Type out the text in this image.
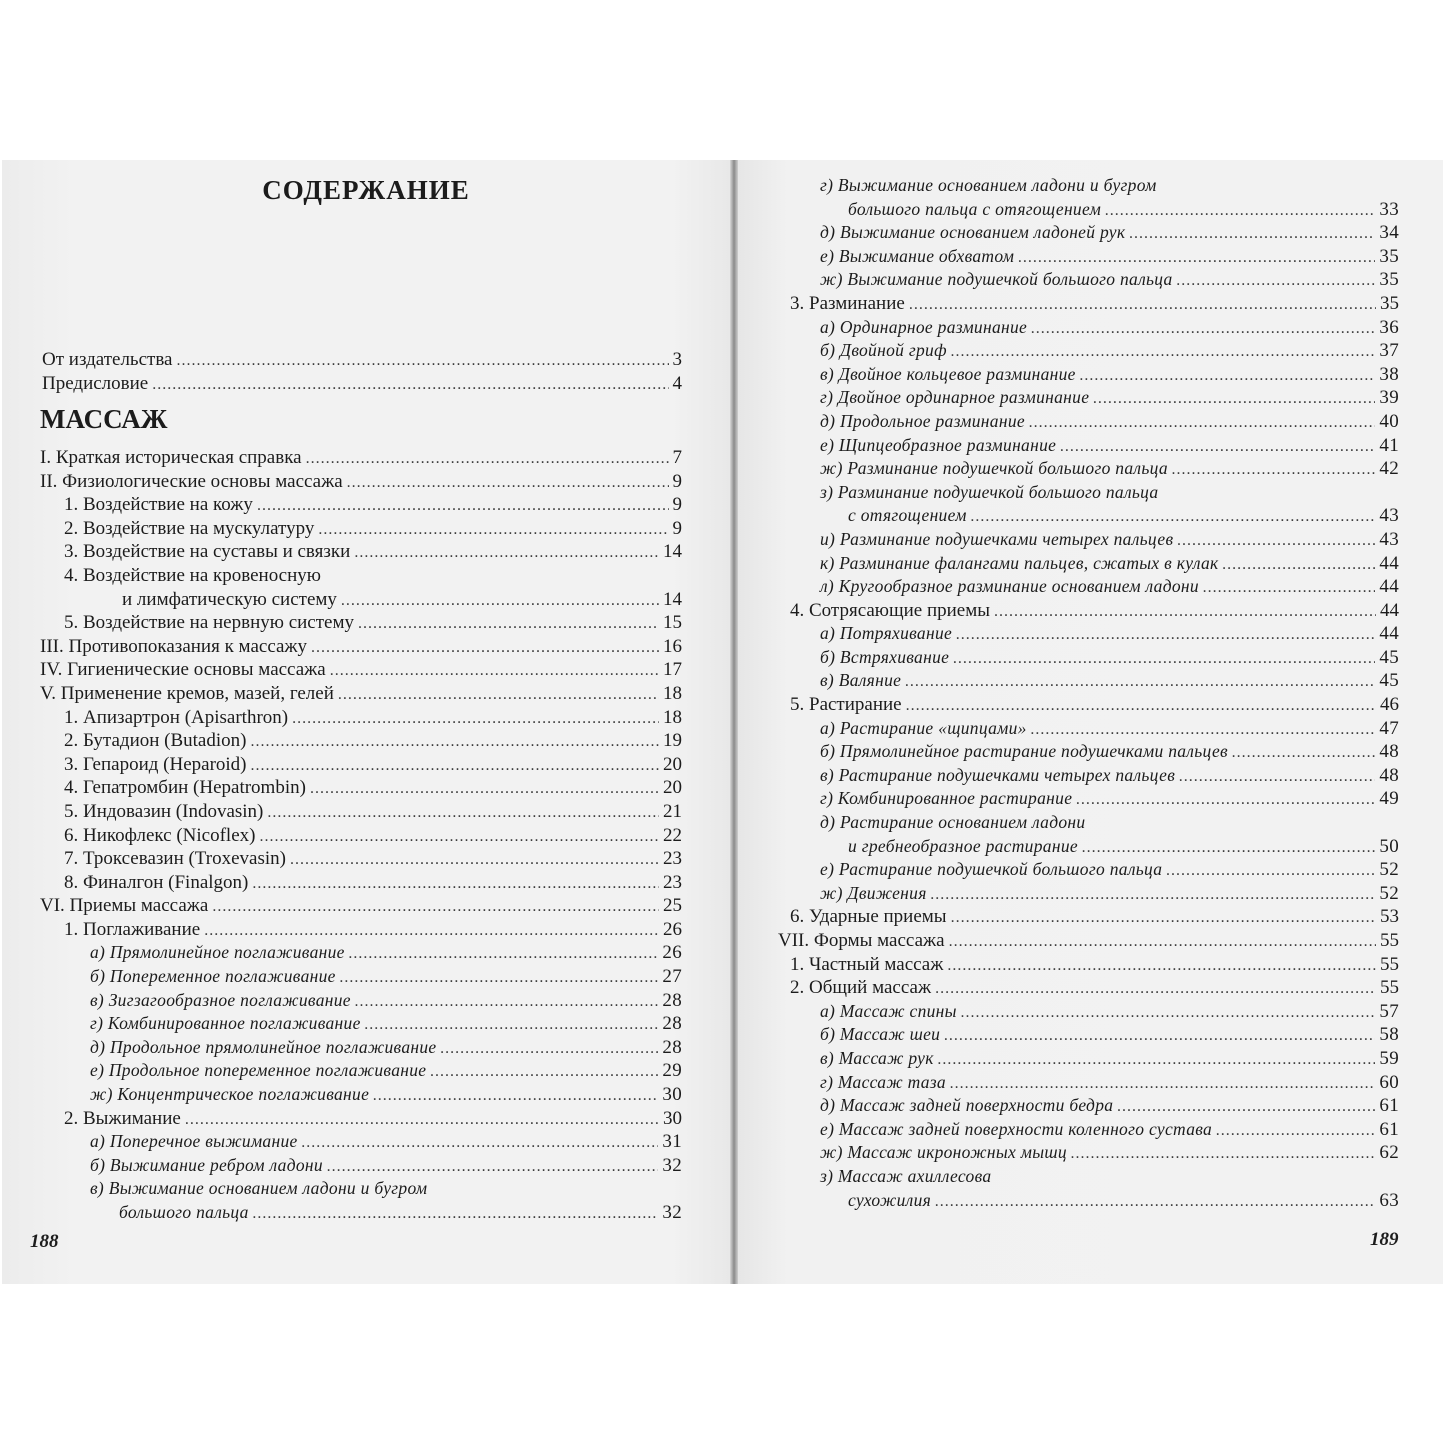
СОДЕРЖАНИЕ
От издательства .....	3
Предисловие .....	4
МАССАЖ
I. Краткая историческая справка .....	7
II. Физиологические основы массажа .....	9
1. Воздействие на кожу .....	9
2. Воздействие на мускулатуру .....	9
3. Воздействие на суставы и связки .....	14
4. Воздействие на кровеносную
и лимфатическую систему .....	14
5. Воздействие на нервную систему .....	15
III. Противопоказания к массажу .....	16
IV. Гигиенические основы массажа .....	17
V. Применение кремов, мазей, гелей .....	18
1. Апизартрон (Apisarthron) .....	18
2. Бутадион (Butadion) .....	19
3. Гепароид (Heparoid) .....	20
4. Гепатромбин (Hepatrombin) .....	20
5. Индовазин (Indovasin) .....	21
6. Никофлекс (Nicoflex) .....	22
7. Троксевазин (Troxevasin) .....	23
8. Финалгон (Finalgon) .....	23
VI. Приемы массажа .....	25
1. Поглаживание .....	26
а) Прямолинейное поглаживание .....	26
б) Попеременное поглаживание .....	27
в) Зигзагообразное поглаживание .....	28
г) Комбинированное поглаживание .....	28
д) Продольное прямолинейное поглаживание .....	28
е) Продольное попеременное поглаживание .....	29
ж) Концентрическое поглаживание .....	30
2. Выжимание .....	30
а) Поперечное выжимание .....	31
б) Выжимание ребром ладони .....	32
в) Выжимание основанием ладони и бугром
большого пальца .....	32
188
г) Выжимание основанием ладони и бугром
большого пальца с отягощением .....	33
д) Выжимание основанием ладоней рук .....	34
е) Выжимание обхватом .....	35
ж) Выжимание подушечкой большого пальца .....	35
3. Разминание .....	35
а) Ординарное разминание .....	36
б) Двойной гриф .....	37
в) Двойное кольцевое разминание .....	38
г) Двойное ординарное разминание .....	39
д) Продольное разминание .....	40
е) Щипцеобразное разминание .....	41
ж) Разминание подушечкой большого пальца .....	42
з) Разминание подушечкой большого пальца
с отягощением .....	43
и) Разминание подушечками четырех пальцев .....	43
к) Разминание фалангами пальцев, сжатых в кулак .....	44
л) Кругообразное разминание основанием ладони .....	44
4. Сотрясающие приемы .....	44
а) Потряхивание .....	44
б) Встряхивание .....	45
в) Валяние .....	45
5. Растирание .....	46
а) Растирание «щипцами» .....	47
б) Прямолинейное растирание подушечками пальцев .....	48
в) Растирание подушечками четырех пальцев .....	48
г) Комбинированное растирание .....	49
д) Растирание основанием ладони
и гребнеобразное растирание .....	50
е) Растирание подушечкой большого пальца .....	52
ж) Движения .....	52
6. Ударные приемы .....	53
VII. Формы массажа .....	55
1. Частный массаж .....	55
2. Общий массаж .....	55
а) Массаж спины .....	57
б) Массаж шеи .....	58
в) Массаж рук .....	59
г) Массаж таза .....	60
д) Массаж задней поверхности бедра .....	61
е) Массаж задней поверхности коленного сустава .....	61
ж) Массаж икроножных мышц .....	62
з) Массаж ахиллесова
сухожилия .....	63
189
